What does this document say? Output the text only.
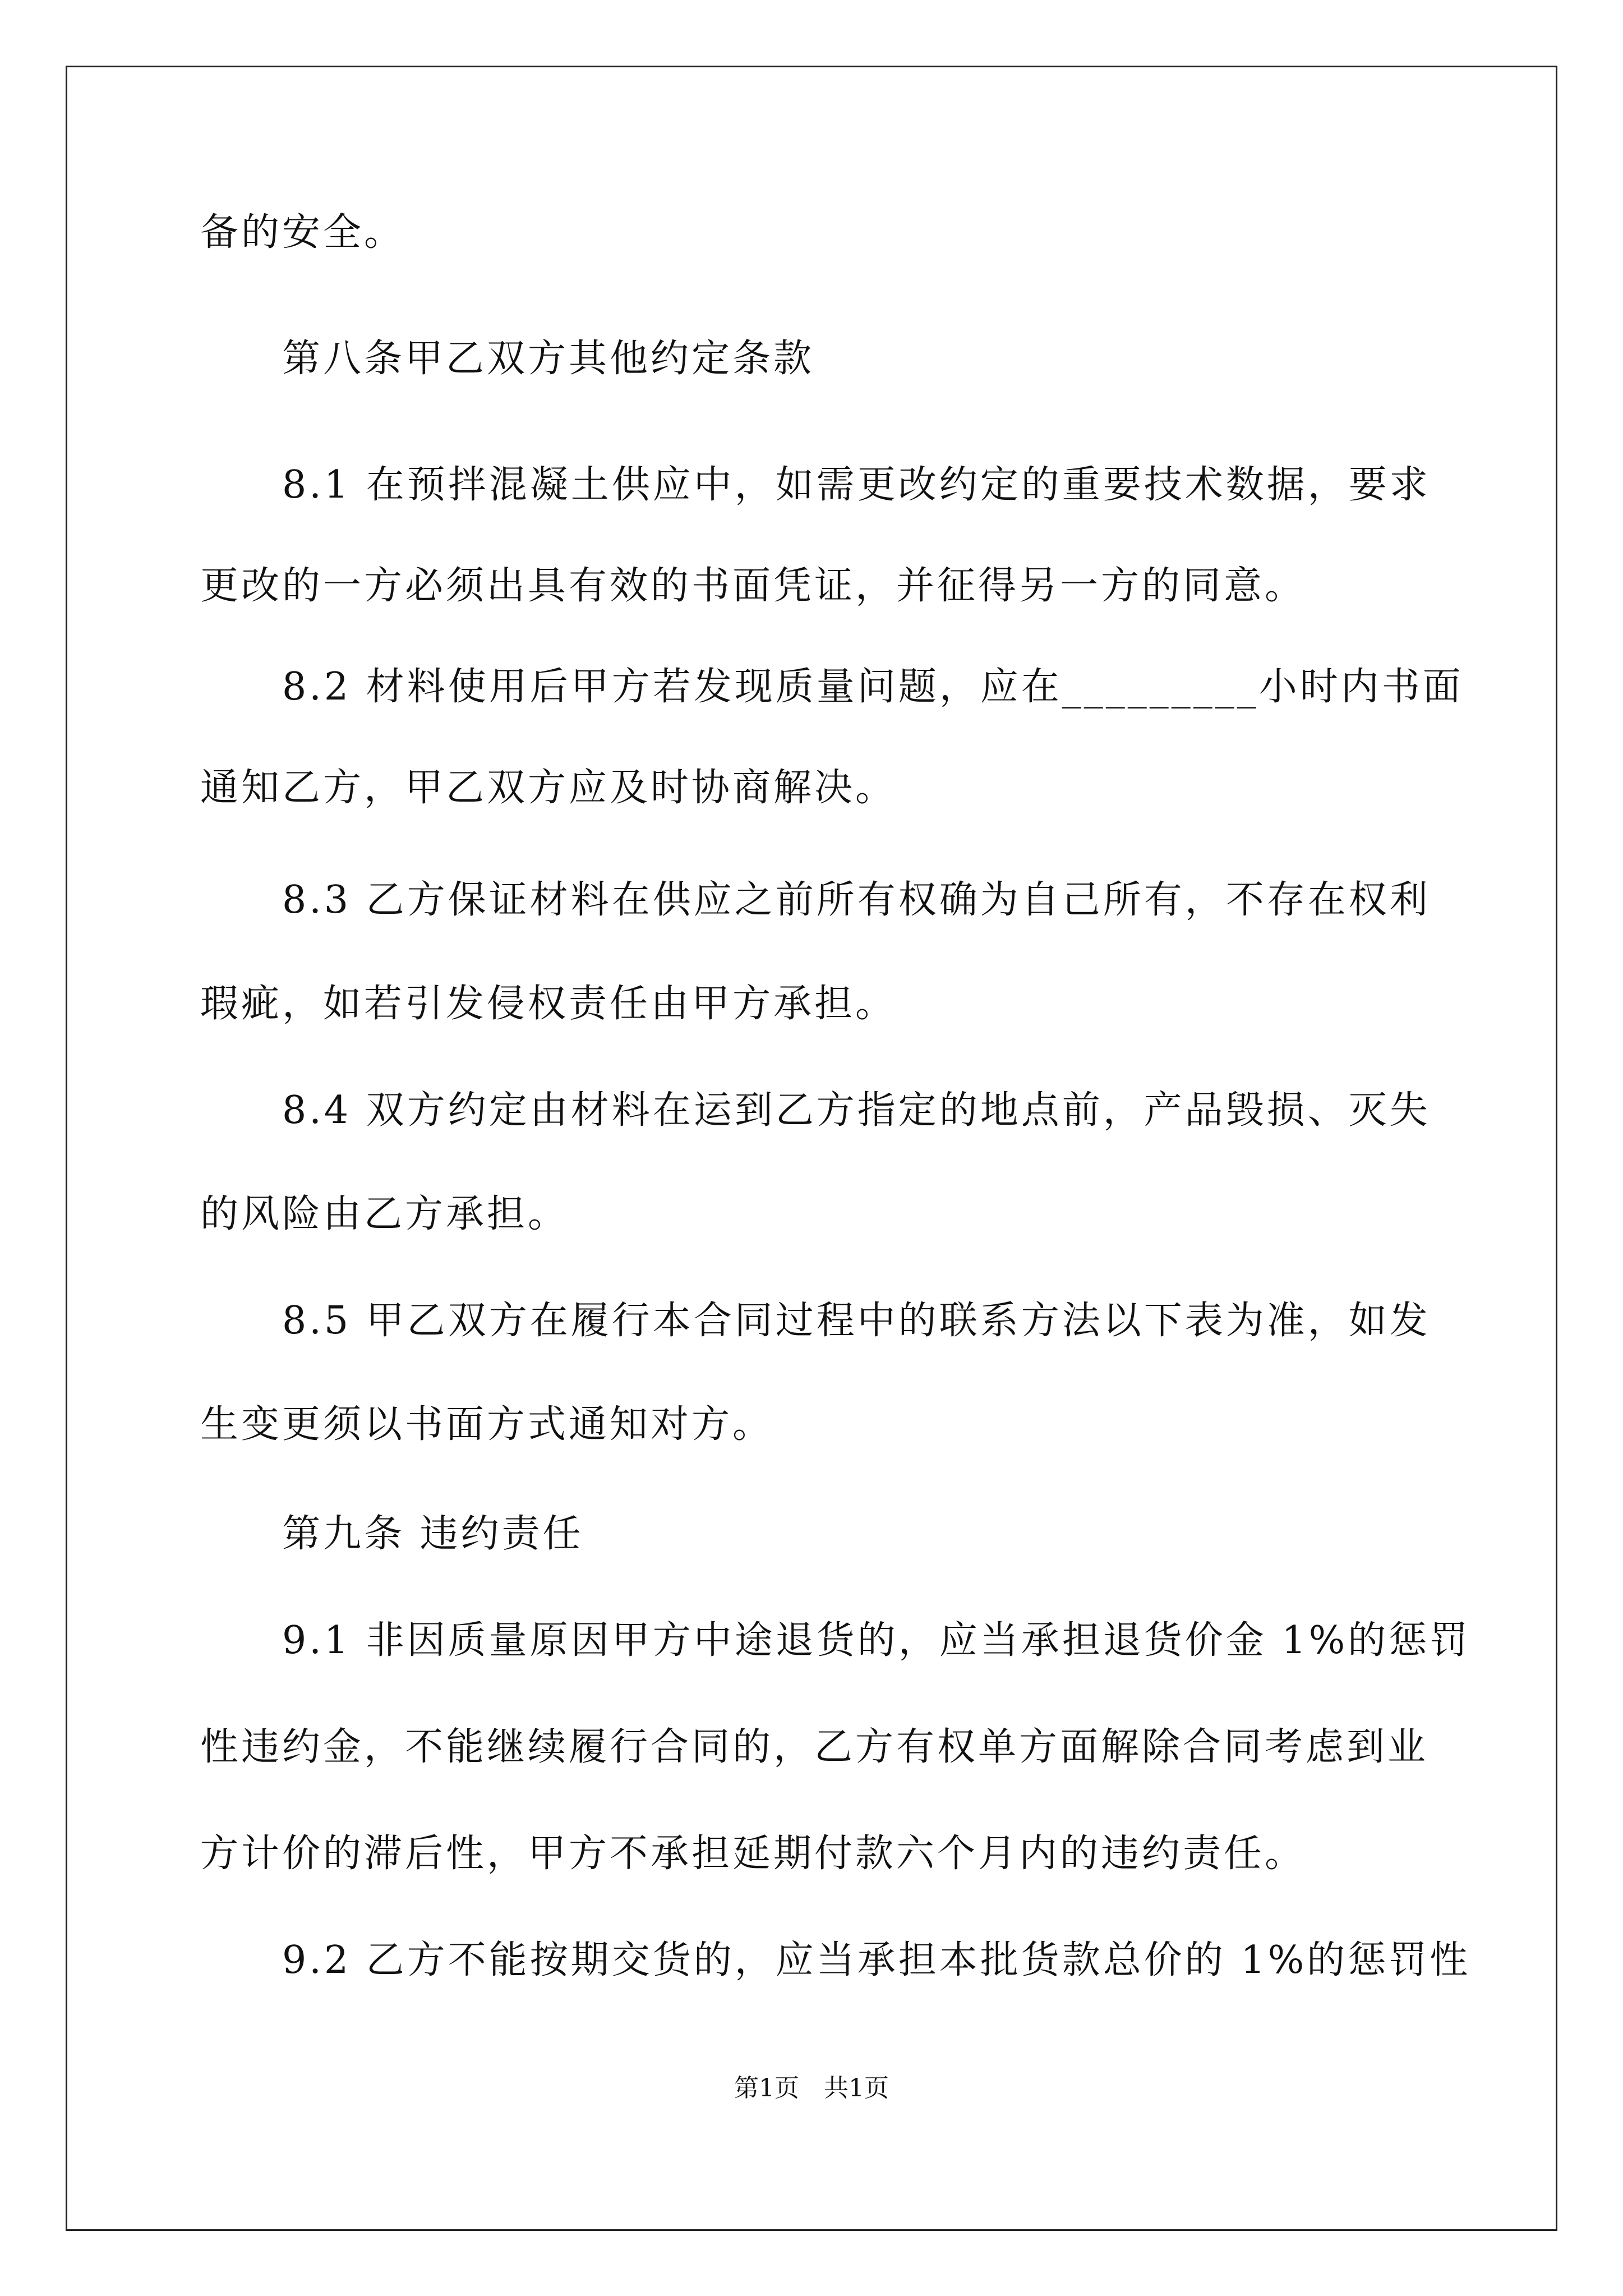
备的安全。
　　第八条甲乙双方其他约定条款
　　8.1 在预拌混凝土供应中，如需更改约定的重要技术数据，要求
更改的一方必须出具有效的书面凭证，并征得另一方的同意。
　　8.2 材料使用后甲方若发现质量问题，应在_________小时内书面
通知乙方，甲乙双方应及时协商解决。
　　8.3 乙方保证材料在供应之前所有权确为自己所有，不存在权利
瑕疵，如若引发侵权责任由甲方承担。
　　8.4 双方约定由材料在运到乙方指定的地点前，产品毁损、灭失
的风险由乙方承担。
　　8.5 甲乙双方在履行本合同过程中的联系方法以下表为准，如发
生变更须以书面方式通知对方。
　　第九条 违约责任
　　9.1 非因质量原因甲方中途退货的，应当承担退货价金 1%的惩罚
性违约金，不能继续履行合同的，乙方有权单方面解除合同考虑到业
方计价的滞后性，甲方不承担延期付款六个月内的违约责任。
　　9.2 乙方不能按期交货的，应当承担本批货款总价的 1%的惩罚性
第1页 共1页
